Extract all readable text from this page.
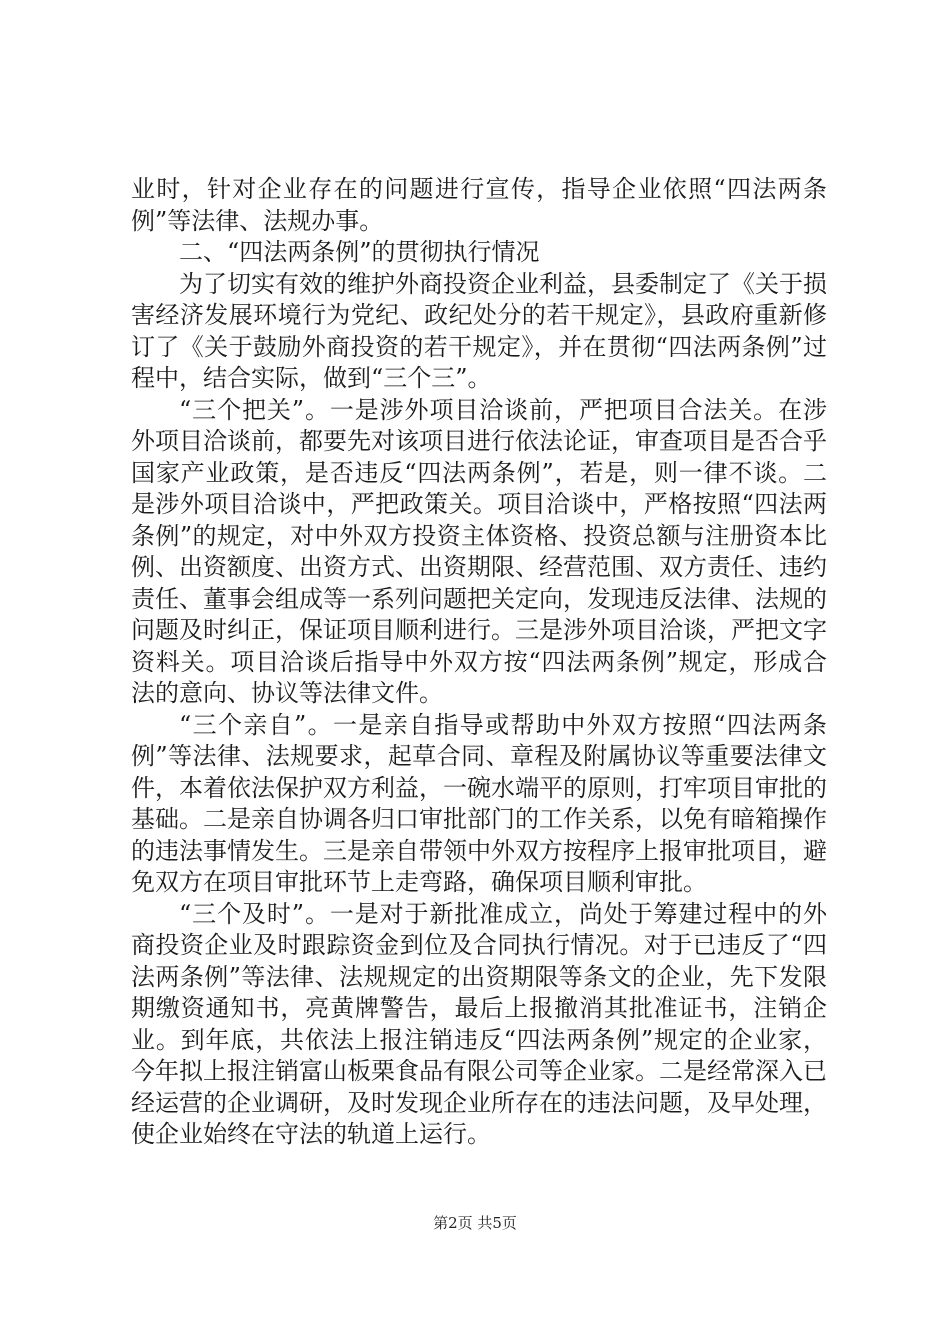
业时，针对企业存在的问题进行宣传，指导企业依照“四法两条例”等法律、法规办事。

二、“四法两条例”的贯彻执行情况

为了切实有效的维护外商投资企业利益，县委制定了《关于损害经济发展环境行为党纪、政纪处分的若干规定》，县政府重新修订了《关于鼓励外商投资的若干规定》，并在贯彻“四法两条例”过程中，结合实际，做到“三个三”。

“三个把关”。一是涉外项目洽谈前，严把项目合法关。在涉外项目洽谈前，都要先对该项目进行依法论证，审查项目是否合乎国家产业政策，是否违反“四法两条例”，若是，则一律不谈。二是涉外项目洽谈中，严把政策关。项目洽谈中，严格按照“四法两条例”的规定，对中外双方投资主体资格、投资总额与注册资本比例、出资额度、出资方式、出资期限、经营范围、双方责任、违约责任、董事会组成等一系列问题把关定向，发现违反法律、法规的问题及时纠正，保证项目顺利进行。三是涉外项目洽谈，严把文字资料关。项目洽谈后指导中外双方按“四法两条例”规定，形成合法的意向、协议等法律文件。

“三个亲自”。一是亲自指导或帮助中外双方按照“四法两条例”等法律、法规要求，起草合同、章程及附属协议等重要法律文件，本着依法保护双方利益，一碗水端平的原则，打牢项目审批的基础。二是亲自协调各归口审批部门的工作关系，以免有暗箱操作的违法事情发生。三是亲自带领中外双方按程序上报审批项目，避免双方在项目审批环节上走弯路，确保项目顺利审批。

“三个及时”。一是对于新批准成立，尚处于筹建过程中的外商投资企业及时跟踪资金到位及合同执行情况。对于已违反了“四法两条例”等法律、法规规定的出资期限等条文的企业，先下发限期缴资通知书，亮黄牌警告，最后上报撤消其批准证书，注销企业。到年底，共依法上报注销违反“四法两条例”规定的企业家，今年拟上报注销富山板栗食品有限公司等企业家。二是经常深入已经运营的企业调研，及时发现企业所存在的违法问题，及早处理，使企业始终在守法的轨道上运行。

第2页 共5页
